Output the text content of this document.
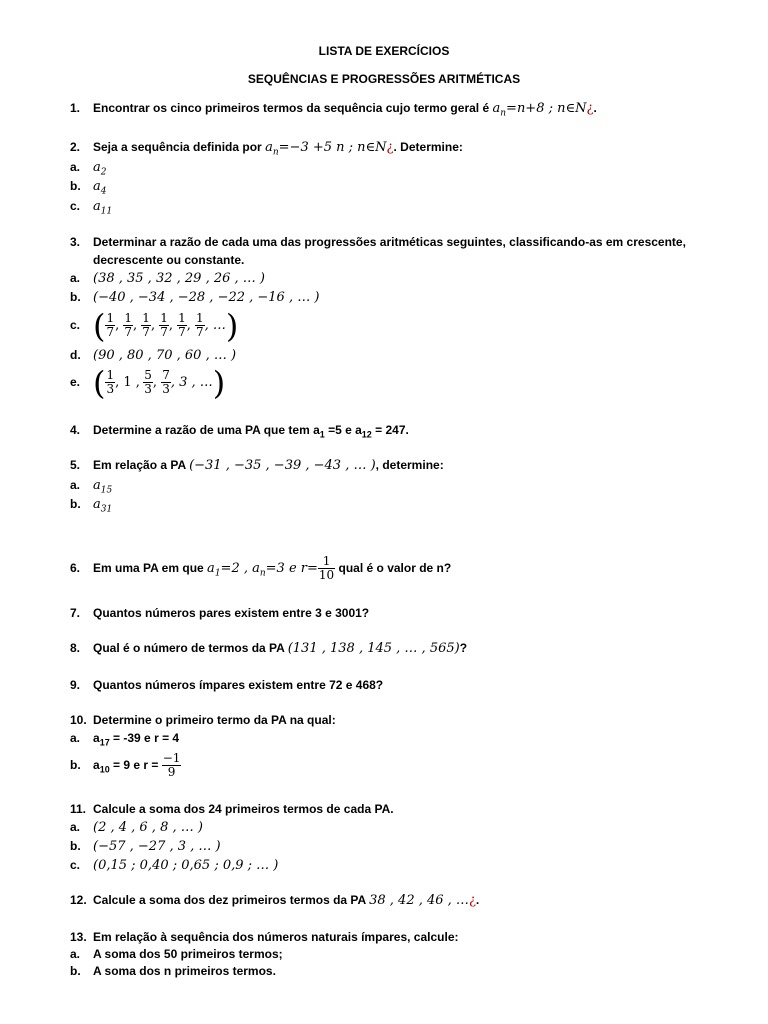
LISTA DE EXERCÍCIOS
SEQUÊNCIAS E PROGRESSÕES ARITMÉTICAS
1. Encontrar os cinco primeiros termos da sequência cujo termo geral é $a_n=n+8$ ; n∈N¿.
2. Seja a sequência definida por $a_n=-3 +5$ n ; n∈N¿. Determine:
a. $a_2$
b. $a_4$
c. $a_{11}$
3. Determinar a razão de cada uma das progressões aritméticas seguintes, classificando-as em crescente,
decrescente ou constante.
a. (38 , 35 , 32 , 29 , 26 , … )
b. (−40 , −34 , −28 , −22 , −16 , … )
c. ( $\frac{1}{7}$ , $\frac{1}{7}$ , $\frac{1}{7}$ , $\frac{1}{7}$ , $\frac{1}{7}$ , $\frac{1}{7}$ , …)
d. (90 , 80 , 70 , 60 , … )
e. ( $\frac{1}{3}$ , 1 , $\frac{5}{3}$ , $\frac{7}{3}$ , 3 , …)
4. Determine a razão de uma PA que tem $a_1 =5$ e $a_{12} = 247$.
5. Em relação a PA (−31 , −35 , −39 , −43 , … ), determine:
a. $a_{15}$
b. $a_{31}$
6. Em uma PA em que $a_1=2$ , $a_n=3$ e $r= \frac{1}{10}$ qual é o valor de n?
7. Quantos números pares existem entre 3 e 3001?
8. Qual é o número de termos da PA (131 , 138 , 145 , … , 565)?
9. Quantos números ímpares existem entre 72 e 468?
10. Determine o primeiro termo da PA na qual:
a. $a_{17} = -39$ e r = 4
b. $a_{10} = 9$ e $r = \frac{-1}{9}$
11. Calcule a soma dos 24 primeiros termos de cada PA.
a. (2 , 4 , 6 , 8 , … )
b. (−57 , −27 , 3 , … )
c. (0,15 ; 0,40 ; 0,65 ; 0,9 ; … )
12. Calcule a soma dos dez primeiros termos da PA 38 , 42 , 46 , …¿.
13. Em relação à sequência dos números naturais ímpares, calcule:
a. A soma dos 50 primeiros termos;
b. A soma dos n primeiros termos.
